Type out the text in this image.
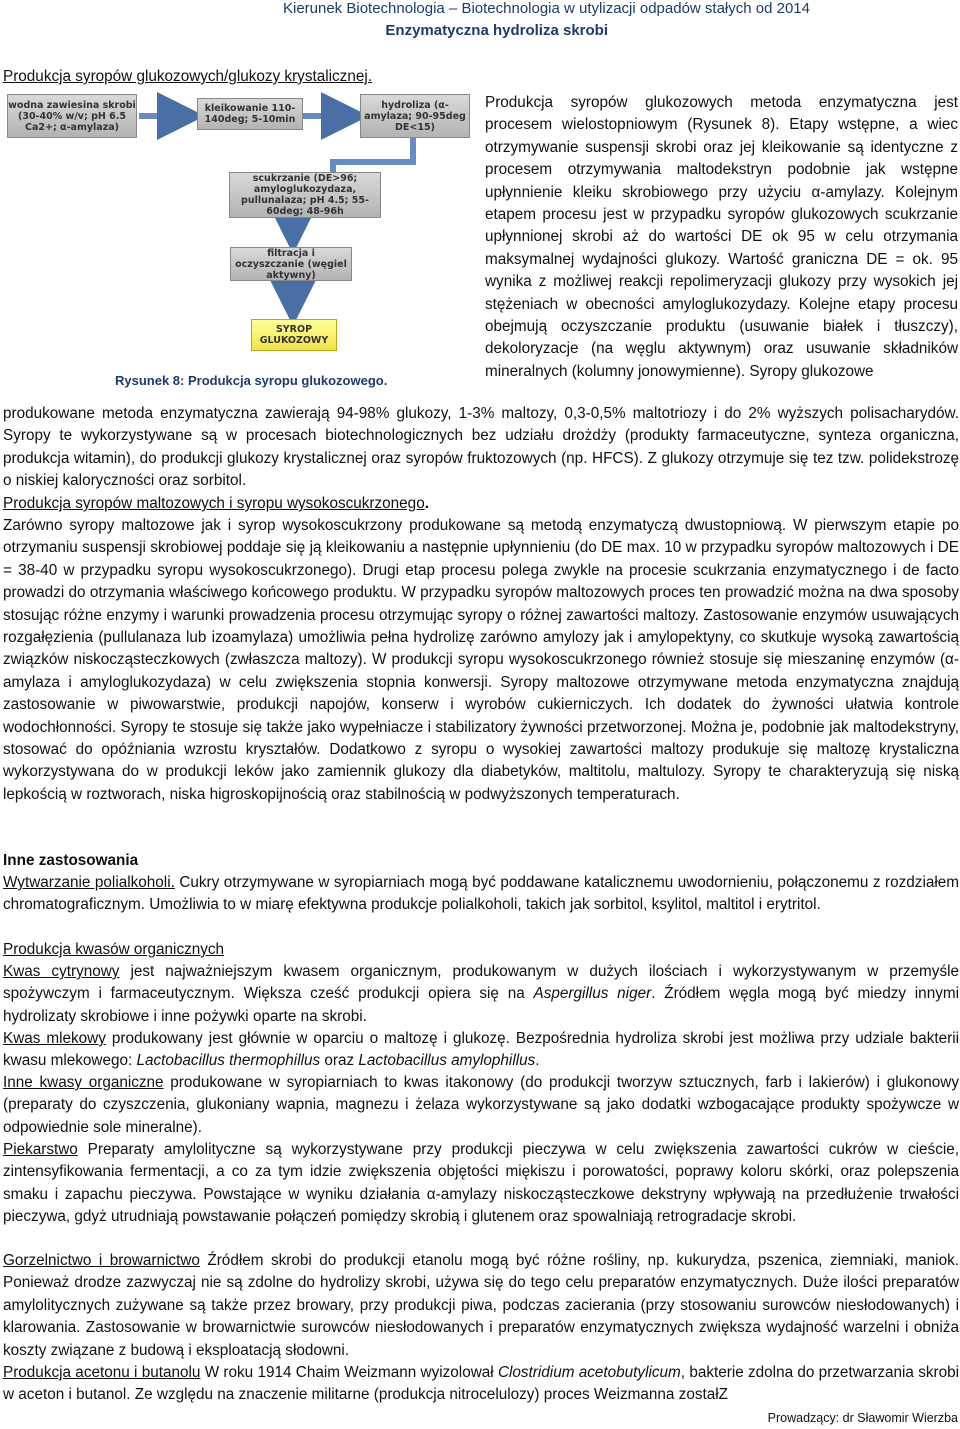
Kierunek Biotechnologia – Biotechnologia w utylizacji odpadów stałych od 2014
Enzymatyczna hydroliza skrobi
Produkcja syropów glukozowych/glukozy krystalicznej.
wodna zawiesina skrobi (30-40% w/v; pH 6.5 Ca2+; α-amylaza)
kleikowanie 110-140deg; 5-10min
hydroliza (α-amylaza; 90-95deg DE<15)
scukrzanie (DE>96; amyloglukozydaza, pullunalaza; pH 4.5; 55-60deg; 48-96h
filtracja i oczyszczanie (węgiel aktywny)
SYROP GLUKOZOWY
Rysunek 8: Produkcja syropu glukozowego.
Produkcja syropów glukozowych metoda enzymatyczna jest procesem wielostopniowym (Rysunek 8). Etapy wstępne, a wiec otrzymywanie suspensji skrobi oraz jej kleikowanie są identyczne z procesem otrzymywania maltodekstryn podobnie jak wstępne upłynnienie kleiku skrobiowego przy użyciu α-amylazy. Kolejnym etapem procesu jest w przypadku syropów glukozowych scukrzanie upłynnionej skrobi aż do wartości DE ok 95 w celu otrzymania maksymalnej wydajności glukozy. Wartość graniczna DE = ok. 95 wynika z możliwej reakcji repolimeryzacji glukozy przy wysokich jej stężeniach w obecności amyloglukozydazy. Kolejne etapy procesu obejmują oczyszczanie produktu (usuwanie białek i tłuszczy), dekoloryzacje (na węglu aktywnym) oraz usuwanie składników mineralnych (kolumny jonowymienne). Syropy glukozowe
produkowane metoda enzymatyczna zawierają 94-98% glukozy, 1-3% maltozy, 0,3-0,5% maltotriozy i do 2% wyższych polisacharydów. Syropy te wykorzystywane są w procesach biotechnologicznych bez udziału drożdży (produkty farmaceutyczne, synteza organiczna, produkcja witamin), do produkcji glukozy krystalicznej oraz syropów fruktozowych (np. HFCS). Z glukozy otrzymuje się tez tzw. polidekstrozę o niskiej kaloryczności oraz sorbitol.
Produkcja syropów maltozowych i syropu wysokoscukrzonego.
Zarówno syropy maltozowe jak i syrop wysokoscukrzony produkowane są metodą enzymatyczą dwustopniową. W pierwszym etapie po otrzymaniu suspensji skrobiowej poddaje się ją kleikowaniu a następnie upłynnieniu (do DE max. 10 w przypadku syropów maltozowych i DE = 38-40 w przypadku syropu wysokoscukrzonego). Drugi etap procesu polega zwykle na procesie scukrzania enzymatycznego i de facto prowadzi do otrzymania właściwego końcowego produktu. W przypadku syropów maltozowych proces ten prowadzić można na dwa sposoby stosując różne enzymy i warunki prowadzenia procesu otrzymując syropy o różnej zawartości maltozy. Zastosowanie enzymów usuwających rozgałęzienia (pullulanaza lub izoamylaza) umożliwia pełna hydrolizę zarówno amylozy jak i amylopektyny, co skutkuje wysoką zawartością związków niskocząsteczkowych (zwłaszcza maltozy). W produkcji syropu wysokoscukrzonego również stosuje się mieszaninę enzymów (α-amylaza i amyloglukozydaza) w celu zwiększenia stopnia konwersji. Syropy maltozowe otrzymywane metoda enzymatyczna znajdują zastosowanie w piwowarstwie, produkcji napojów, konserw i wyrobów cukierniczych. Ich dodatek do żywności ułatwia kontrole wodochłonności. Syropy te stosuje się także jako wypełniacze i stabilizatory żywności przetworzonej. Można je, podobnie jak maltodekstryny, stosować do opóźniania wzrostu kryształów. Dodatkowo z syropu o wysokiej zawartości maltozy produkuje się maltozę krystaliczna wykorzystywana do w produkcji leków jako zamiennik glukozy dla diabetyków, maltitolu, maltulozy. Syropy te charakteryzują się niską lepkością w roztworach, niska higroskopijnością oraz stabilnością w podwyższonych temperaturach.
Inne zastosowania
Wytwarzanie polialkoholi. Cukry otrzymywane w syropiarniach mogą być poddawane katalicznemu uwodornieniu, połączonemu z rozdziałem chromatograficznym. Umożliwia to w miarę efektywna produkcje polialkoholi, takich jak sorbitol, ksylitol, maltitol i erytritol.
Produkcja kwasów organicznych
Kwas cytrynowy jest najważniejszym kwasem organicznym, produkowanym w dużych ilościach i wykorzystywanym w przemyśle spożywczym i farmaceutycznym. Większa cześć produkcji opiera się na Aspergillus niger. Źródłem węgla mogą być miedzy innymi hydrolizaty skrobiowe i inne pożywki oparte na skrobi.
Kwas mlekowy produkowany jest głównie w oparciu o maltozę i glukozę. Bezpośrednia hydroliza skrobi jest możliwa przy udziale bakterii kwasu mlekowego: Lactobacillus thermophillus oraz Lactobacillus amylophillus.
Inne kwasy organiczne produkowane w syropiarniach to kwas itakonowy (do produkcji tworzyw sztucznych, farb i lakierów) i glukonowy (preparaty do czyszczenia, glukoniany wapnia, magnezu i żelaza wykorzystywane są jako dodatki wzbogacające produkty spożywcze w odpowiednie sole mineralne).
Piekarstwo Preparaty amylolityczne są wykorzystywane przy produkcji pieczywa w celu zwiększenia zawartości cukrów w cieście, zintensyfikowania fermentacji, a co za tym idzie zwiększenia objętości miękiszu i porowatości, poprawy koloru skórki, oraz polepszenia smaku i zapachu pieczywa. Powstające w wyniku działania α-amylazy niskocząsteczkowe dekstryny wpływają na przedłużenie trwałości pieczywa, gdyż utrudniają powstawanie połączeń pomiędzy skrobią i glutenem oraz spowalniają retrogradacje skrobi.
Gorzelnictwo i browarnictwo Źródłem skrobi do produkcji etanolu mogą być różne rośliny, np. kukurydza, pszenica, ziemniaki, maniok. Ponieważ drodze zazwyczaj nie są zdolne do hydrolizy skrobi, używa się do tego celu preparatów enzymatycznych. Duże ilości preparatów amylolitycznych zużywane są także przez browary, przy produkcji piwa, podczas zacierania (przy stosowaniu surowców niesłodowanych) i klarowania. Zastosowanie w browarnictwie surowców niesłodowanych i preparatów enzymatycznych zwiększa wydajność warzelni i obniża koszty związane z budową i eksploatacją słodowni.
Produkcja acetonu i butanolu W roku 1914 Chaim Weizmann wyizolował Clostridium acetobutylicum, bakterie zdolna do przetwarzania skrobi w aceton i butanol. Ze względu na znaczenie militarne (produkcja nitrocelulozy) proces Weizmanna zostałZ
Prowadzący: dr Sławomir Wierzba
